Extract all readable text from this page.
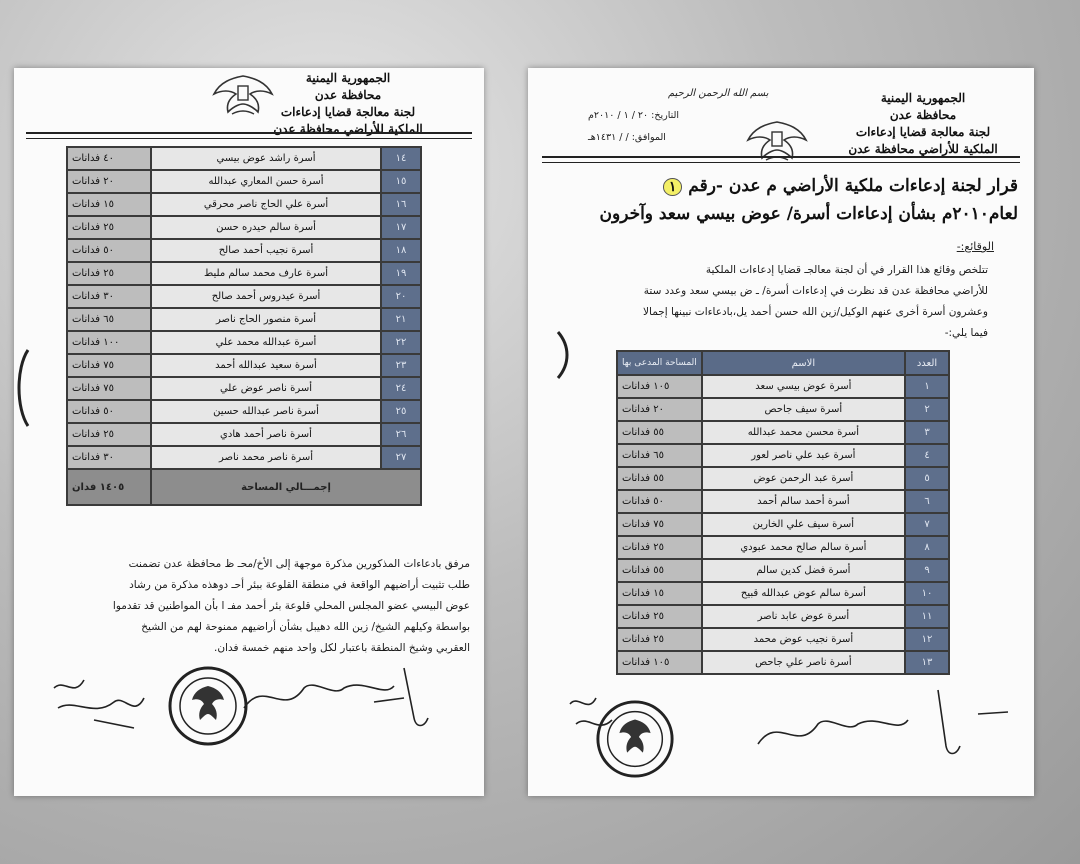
الجمهورية اليمنية
محافظة عدن
لجنة معالجة قضايا إدعاءات
الملكية للأراضي محافظة عدن
١٤	أسرة راشد عوض بيسي	٤٠ فدانات
١٥	أسرة حسن المعاري عبدالله	٢٠ فدانات
١٦	أسرة علي الحاج ناصر محرقي	١٥ فدانات
١٧	أسرة سالم حيدره حسن	٢٥ فدانات
١٨	أسرة نجيب أحمد صالح	٥٠ فدانات
١٩	أسرة عارف محمد سالم مليط	٢٥ فدانات
٢٠	أسرة عيدروس أحمد صالح	٣٠ فدانات
٢١	أسرة منصور الحاج ناصر	٦٥ فدانات
٢٢	أسرة عبدالله محمد علي	١٠٠ فدانات
٢٣	أسرة سعيد عبدالله أحمد	٧٥ فدانات
٢٤	أسرة ناصر عوض علي	٧٥ فدانات
٢٥	أسرة ناصر عبدالله حسين	٥٠ فدانات
٢٦	أسرة ناصر أحمد هادي	٢٥ فدانات
٢٧	أسرة ناصر محمد ناصر	٣٠ فدانات
إجمـــالي المساحة		١٤٠٥ فدان
مرفق بادعاءات المذكورين مذكرة موجهة إلى الأخ/محـ ظ محافظة عدن تضمنت
طلب تثبيت أراضيهم الواقعة في منطقة القلوعة ببئر أحـ دوهذه مذكرة من رشاد
عوض البيسي عضو المجلس المحلي قلوعة بئر أحمد مفـ ا بأن المواطنين قد تقدموا
بواسطة وكيلهم الشيخ/ زين الله دهيبل بشأن أراضيهم ممنوحة لهم من الشيخ
العقربي وشيخ المنطقة باعتبار لكل واحد منهم خمسة فدان.
الجمهورية اليمنية
محافظة عدن
لجنة معالجة قضايا إدعاءات
الملكية للأراضي محافظة عدن
بسم الله الرحمن الرحيم
التاريخ: ٢٠ / ١ / ٢٠١٠م
الموافق: / / ١٤٣١هـ
قرار لجنة إدعاءات ملكية الأراضي م عدن -رقم ١
لعام٢٠١٠م بشأن إدعاءات أسرة/ عوض بيسي سعد وآخرون
الوقائع:-
تتلخص وقائع هذا القرار في أن لجنة معالجـ قضايا إدعاءات الملكية
للأراضي محافظة عدن قد نظرت في إدعاءات أسرة/ ـ ض بيسي سعد وعدد ستة
وعشرون أسرة أخرى عنهم الوكيل/زين الله حسن أحمد يل،بادعاءات نبينها إجمالا
فيما يلي:-
العدد	الاسم	المساحة المدعى بها
١	أسرة عوض بيسي سعد	١٠٥ فدانات
٢	أسرة سيف جاحص	٢٠ فدانات
٣	أسرة محسن محمد عبدالله	٥٥ فدانات
٤	أسرة عبد علي ناصر لعور	٦٥ فدانات
٥	أسرة عبد الرحمن عوض	٥٥ فدانات
٦	أسرة أحمد سالم أحمد	٥٠ فدانات
٧	أسرة سيف علي الخارين	٧٥ فدانات
٨	أسرة سالم صالح محمد عبودي	٢٥ فدانات
٩	أسرة فضل كدين سالم	٥٥ فدانات
١٠	أسرة سالم عوض عبدالله قبيح	١٥ فدانات
١١	أسرة عوض عابد ناصر	٢٥ فدانات
١٢	أسرة نجيب عوض محمد	٢٥ فدانات
١٣	أسرة ناصر علي جاحص	١٠٥ فدانات
